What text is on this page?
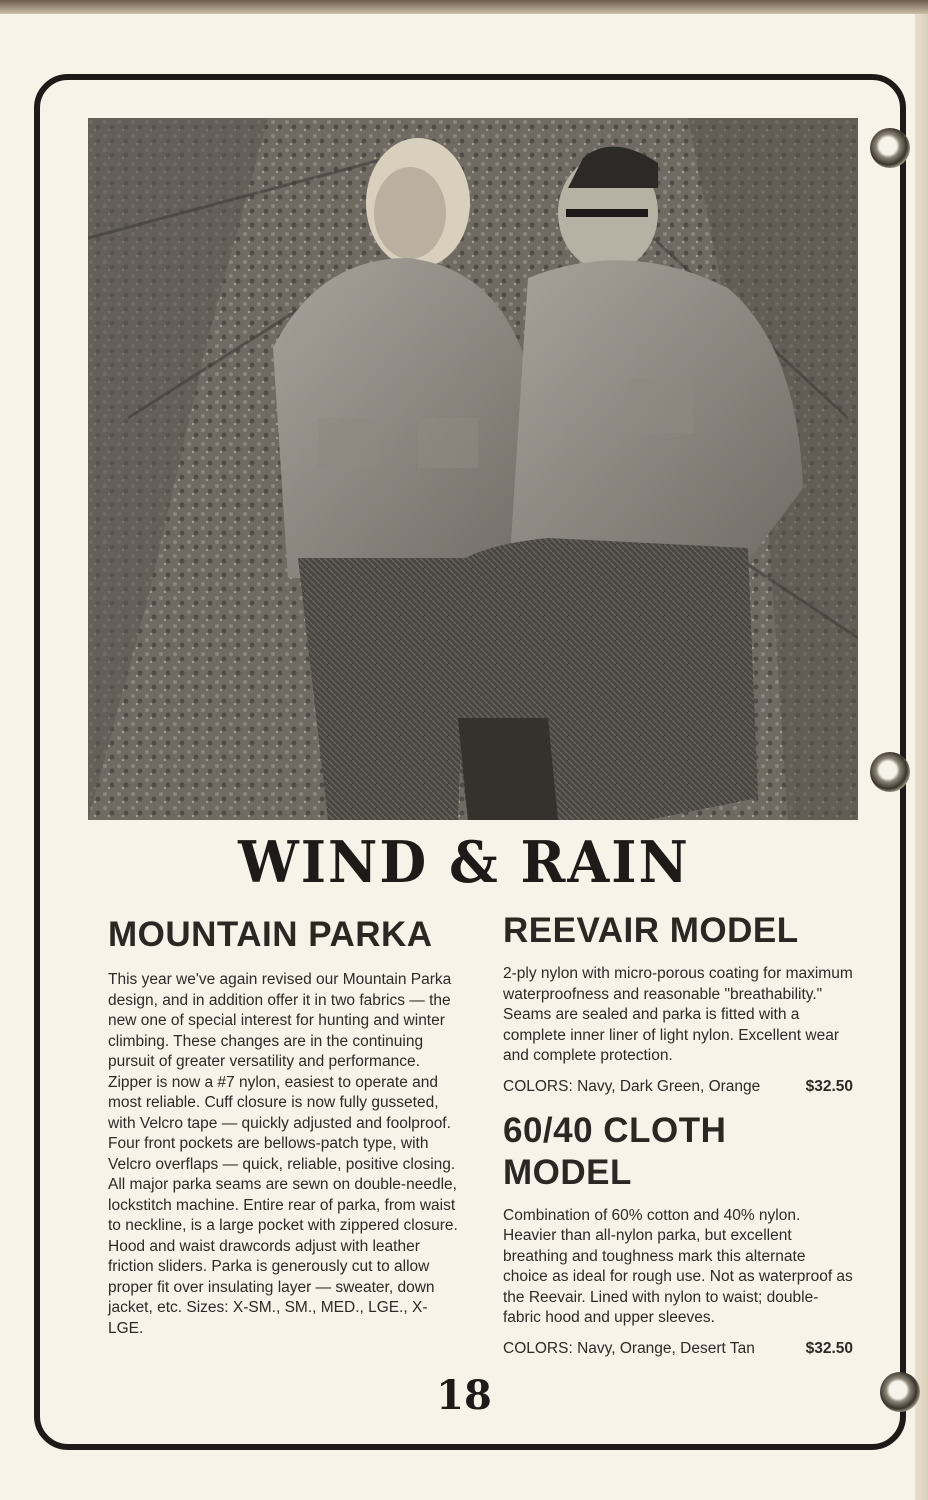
WIND & RAIN
MOUNTAIN PARKA

This year we've again revised our Mountain Parka design, and in addition offer it in two fabrics — the new one of special interest for hunting and winter climbing. These changes are in the continuing pursuit of greater versatility and performance. Zipper is now a #7 nylon, easiest to operate and most reliable. Cuff closure is now fully gusseted, with Velcro tape — quickly adjusted and foolproof. Four front pockets are bellows-patch type, with Velcro overflaps — quick, reliable, positive closing. All major parka seams are sewn on double-needle, lockstitch machine. Entire rear of parka, from waist to neckline, is a large pocket with zippered closure. Hood and waist drawcords adjust with leather friction sliders. Parka is generously cut to allow proper fit over insulating layer — sweater, down jacket, etc. Sizes: X-SM., SM., MED., LGE., X-LGE.

REEVAIR MODEL

2-ply nylon with micro-porous coating for maximum waterproofness and reasonable "breathability." Seams are sealed and parka is fitted with a complete inner liner of light nylon. Excellent wear and complete protection.

COLORS: Navy, Dark Green, Orange	$32.50
60/40 CLOTH MODEL

Combination of 60% cotton and 40% nylon. Heavier than all-nylon parka, but excellent breathing and toughness mark this alternate choice as ideal for rough use. Not as waterproof as the Reevair. Lined with nylon to waist; double-fabric hood and upper sleeves.

COLORS: Navy, Orange, Desert Tan	$32.50
18
